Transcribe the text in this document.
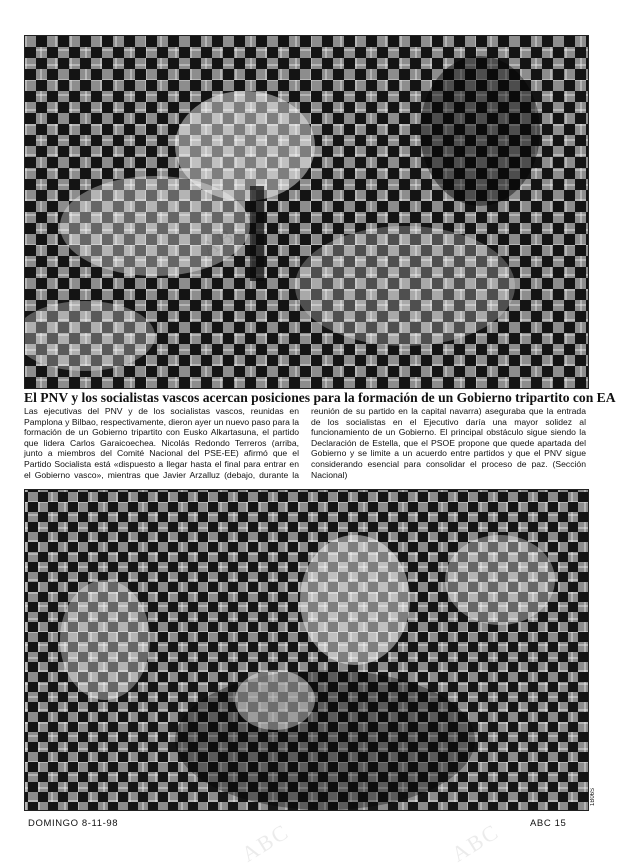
El PNV y los socialistas vascos acercan posiciones para la formación de un Gobierno tripartito con EA

Las ejecutivas del PNV y de los socialistas vascos, reunidas en Pamplona y Bilbao, respectivamente, dieron ayer un nuevo paso para la formación de un Gobierno tripartito con Eusko Alkartasuna, el partido que lidera Carlos Garaicoechea. Nicolás Redondo Terreros (arriba, junto a miembros del Comité Nacional del PSE-EE) afirmó que el Partido Socialista está «dispuesto a llegar hasta el final para entrar en el Gobierno vasco», mientras que Javier Arzalluz (debajo, durante la reunión de su partido en la capital navarra) aseguraba que la entrada de los socialistas en el Ejecutivo daría una mayor solidez al funcionamiento de un Gobierno. El principal obstáculo sigue siendo la Declaración de Estella, que el PSOE propone que quede apartada del Gobierno y se limite a un acuerdo entre partidos y que el PNV sigue considerando esencial para consolidar el proceso de paz. (Sección Nacional)

DOMINGO 8-11-98	ABC 15
1B06S
ABC	ABC
